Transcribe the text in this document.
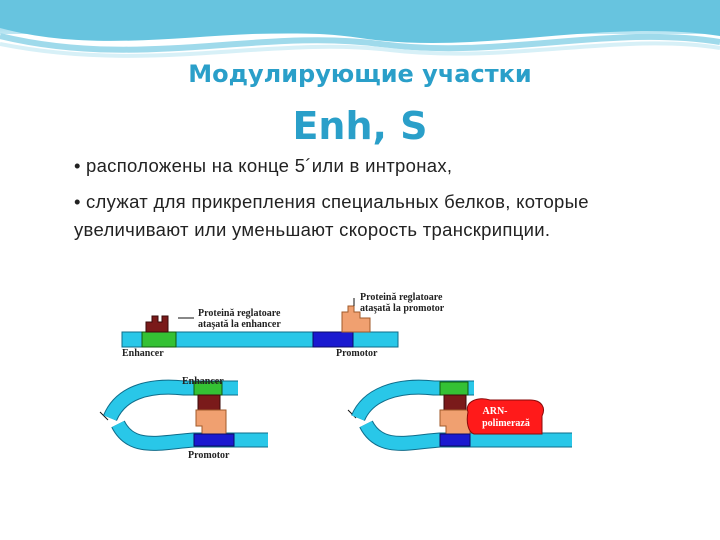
Модулирующие участки
Enh, S
• расположены на конце 5´или в интронах,
• служат для прикрепления специальных белков, которые увеличивают или уменьшают скорость транскрипции.
Proteină reglatoare
ataşată la enhancer
Proteină reglatoare
ataşată la promotor
Enhancer	Promotor
Enhancer
Promotor
ARN-
polimerază
